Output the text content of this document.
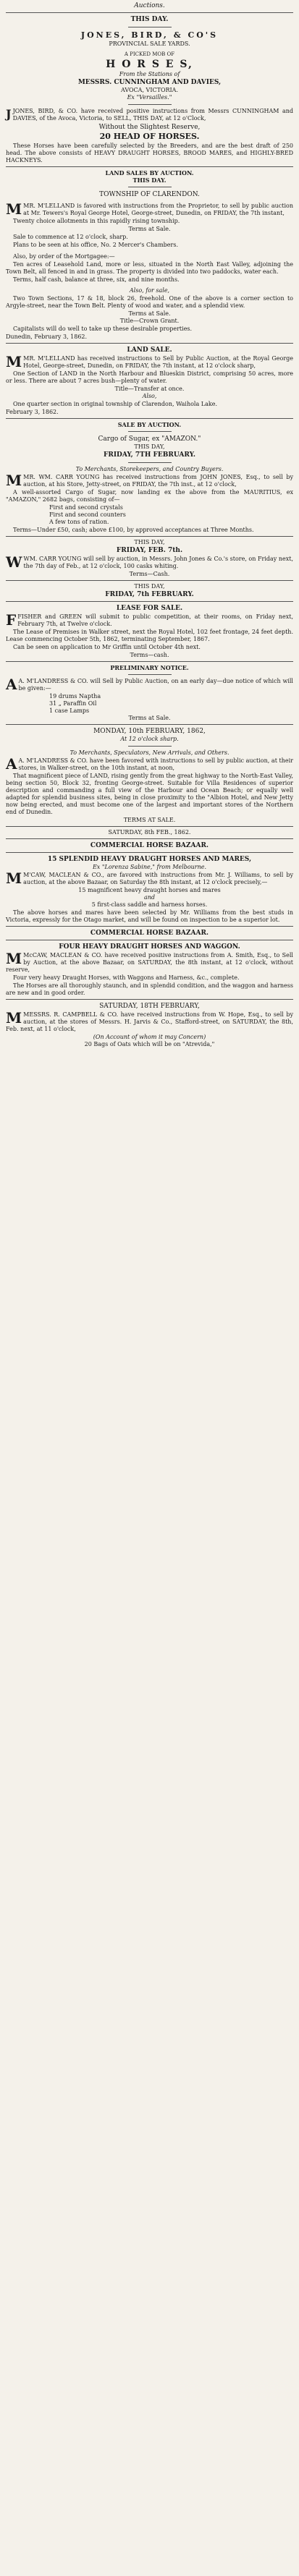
Auctions.
THIS DAY.
JONES, BIRD, & CO'S
PROVINCIAL SALE YARDS.
A PICKED MOB OF
H O R S E S,
From the Stations of
MESSRS. CUNNINGHAM AND DAVIES,
AVOCA, VICTORIA.
Ex "Versailles."

JJONES, BIRD, & CO. have received positive instructions from Messrs CUNNINGHAM and DAVIES, of the Avoca, Victoria, to SELL, THIS DAY, at 12 o'Clock,

Without the Slightest Reserve,
20 HEAD OF HORSES.

These Horses have been carefully selected by the Breeders, and are the best draft of 250 head. The above consists of HEAVY DRAUGHT HORSES, BROOD MARES, and HIGHLY-BRED HACKNEYS.

LAND SALES BY AUCTION.
THIS DAY.
TOWNSHIP OF CLARENDON.

MMR. M'LELLAND is favored with instructions from the Proprietor, to sell by public auction at Mr. Tewers's Royal George Hotel, George-street, Dunedin, on FRIDAY, the 7th instant,

Twenty choice allotments in this rapidly rising township.

Terms at Sale.

Sale to commence at 12 o'clock, sharp.

Plans to be seen at his office, No. 2 Mercer's Chambers.

Also, by order of the Mortgagee:—

Ten acres of Leasehold Land, more or less, situated in the North East Valley, adjoining the Town Belt, all fenced in and in grass. The property is divided into two paddocks, water each.

Terms, half cash, balance at three, six, and nine months.

Also, for sale,

Two Town Sections, 17 & 18, block 26, freehold. One of the above is a corner section to Argyle-street, near the Town Belt. Plenty of wood and water, and a splendid view.

Terms at Sale.
Title—Crown Grant.

Capitalists will do well to take up these desirable properties.

Dunedin, February 3, 1862.
LAND SALE.

MMR. M'LELLAND has received instructions to Sell by Public Auction, at the Royal George Hotel, George-street, Dunedin, on FRIDAY, the 7th instant, at 12 o'clock sharp,

One Section of LAND in the North Harbour and Blueskin District, comprising 50 acres, more or less. There are about 7 acres bush—plenty of water.

Title—Transfer at once.
Also,

One quarter section in original township of Clarendon, Waihola Lake.

February 3, 1862.
SALE BY AUCTION.
Cargo of Sugar, ex "AMAZON."
THIS DAY,
FRIDAY, 7TH FEBRUARY.
To Merchants, Storekeepers, and Country Buyers.

MMR. WM. CARR YOUNG has received instructions from JOHN JONES, Esq., to sell by auction, at his Store, Jetty-street, on FRIDAY, the 7th inst., at 12 o'clock,

A well-assorted Cargo of Sugar, now landing ex the above from the MAURITIUS, ex "AMAZON," 2682 bags, consisting of—

First and second crystals
First and second counters
A few tons of ration.

Terms—Under £50, cash; above £100, by approved acceptances at Three Months.

THIS DAY,
FRIDAY, FEB. 7th.

WWM. CARR YOUNG will sell by auction, in Messrs. John Jones & Co.'s store, on Friday next, the 7th day of Feb., at 12 o'clock, 100 casks whiting.

Terms—Cash.
THIS DAY,
FRIDAY, 7th FEBRUARY.
LEASE FOR SALE.

FFISHER and GREEN will submit to public competition, at their rooms, on Friday next, February 7th, at Twelve o'clock.

The Lease of Premises in Walker street, next the Royal Hotel, 102 feet frontage, 24 feet depth. Lease commencing October 5th, 1862, terminating September, 1867.

Can be seen on application to Mr Griffin until October 4th next.

Terms—cash.
PRELIMINARY NOTICE.

A A. M'LANDRESS & CO. will Sell by Public Auction, on an early day—due notice of which will be given:—

19 drums Naptha
31 „ Paraffin Oil
1 case Lamps
Terms at Sale.
MONDAY, 10th FEBRUARY, 1862,
At 12 o'clock sharp.
To Merchants, Speculators, New Arrivals, and Others.

A A. M'LANDRESS & CO. have been favored with instructions to sell by public auction, at their stores, in Walker-street, on the 10th instant, at noon,

That magnificent piece of LAND, rising gently from the great highway to the North-East Valley, being section 50, Block 32, fronting George-street. Suitable for Villa Residences of superior description and commanding a full view of the Harbour and Ocean Beach; or equally well adapted for splendid business sites, being in close proximity to the "Albion Hotel, and New Jetty now being erected, and must become one of the largest and important stores of the Northern end of Dunedin.

TERMS AT SALE.
SATURDAY, 8th FEB., 1862.
COMMERCIAL HORSE BAZAAR.
15 SPLENDID HEAVY DRAUGHT HORSES AND MARES,
Ex "Lorenza Sabine," from Melbourne.

M M'CAW, MACLEAN & CO., are favored with instructions from Mr. J. Williams, to sell by auction, at the above Bazaar, on Saturday the 8th instant, at 12 o'clock precisely,—

15 magnificent heavy draught horses and mares
and
5 first-class saddle and harness horses.

The above horses and mares have been selected by Mr. Williams from the best studs in Victoria, expressly for the Otago market, and will be found on inspection to be a superior lot.

COMMERCIAL HORSE BAZAAR.
FOUR HEAVY DRAUGHT HORSES AND WAGGON.

M McCAW, MACLEAN & CO. have received positive instructions from A. Smith, Esq., to Sell by Auction, at the above Bazaar, on SATURDAY, the 8th instant, at 12 o'clock, without reserve,

Four very heavy Draught Horses, with Waggons and Harness, &c., complete.

The Horses are all thoroughly staunch, and in splendid condition, and the waggon and harness are new and in good order.

SATURDAY, 18TH FEBRUARY,

MMESSRS. R. CAMPBELL & CO. have received instructions from W. Hope, Esq., to sell by auction, at the stores of Messrs. H. Jarvis & Co., Stafford-street, on SATURDAY, the 8th, Feb. next, at 11 o'clock,

(On Account of whom it may Concern)
20 Bags of Oats which will be on "Atrevida,"
